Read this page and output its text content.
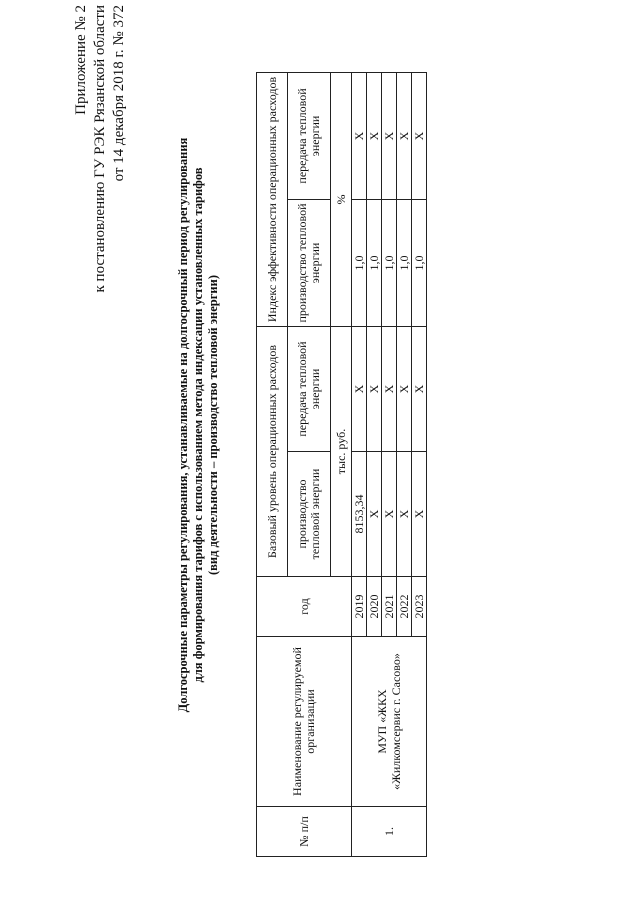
Приложение № 2 к постановлению ГУ РЭК Рязанской области от 14 декабря 2018 г. № 372
Долгосрочные параметры регулирования, устанавливаемые на долгосрочный период регулирования для формирования тарифов с использованием метода индексации установленных тарифов (вид деятельности – производство тепловой энергии)
№ п/п	Наименование регулируемой организации	год	Базовый уровень операционных расходов		Индекс эффективности операционных расходов	
			производство тепловой энергии	передача тепловой энергии	производство тепловой энергии	передача тепловой энергии
			тыс. руб.		%	
1.	МУП «ЖКХ «Жилкомсервис г. Сасово»	2019	8153,34	X	1,0	X
		2020	X	X	1,0	X
		2021	X	X	1,0	X
		2022	X	X	1,0	X
		2023	X	X	1,0	X
